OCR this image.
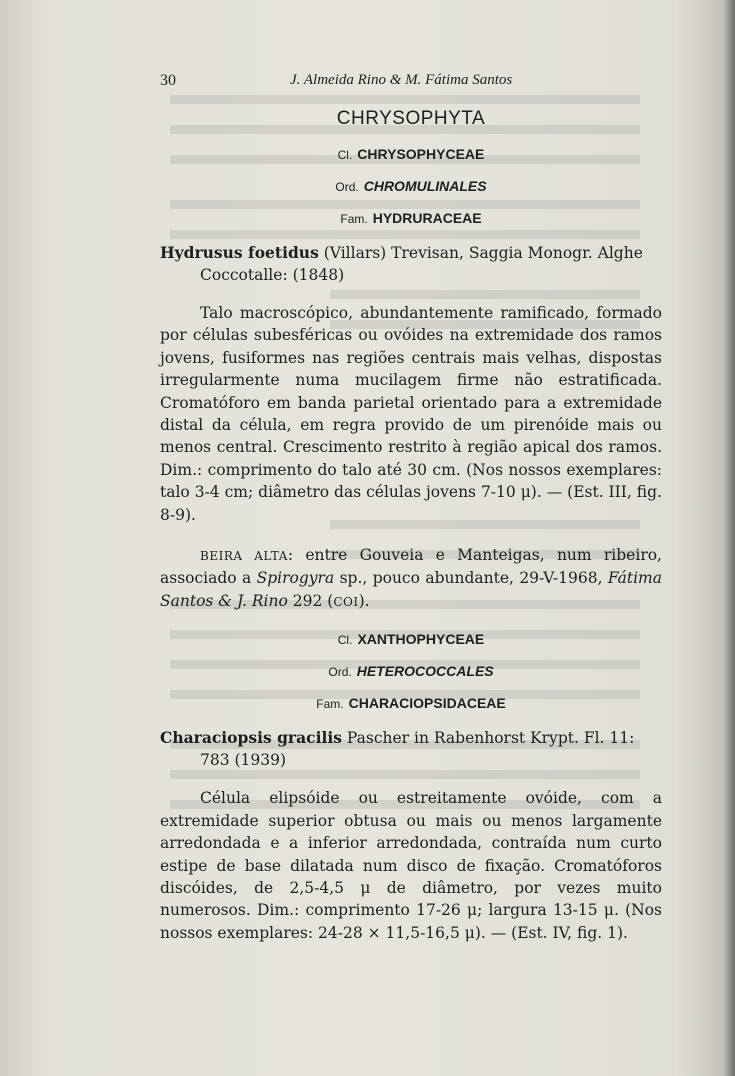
30	J. Almeida Rino & M. Fátima Santos
CHRYSOPHYTA
Cl. CHRYSOPHYCEAE
Ord. CHROMULINALES
Fam. HYDRURACEAE
Hydrusus foetidus (Villars) Trevisan, Saggia Monogr. Alghe
Coccotalle: (1848)

Talo macroscópico, abundantemente ramificado, formado por células subesféricas ou ovóides na extremidade dos ramos jovens, fusiformes nas regiões centrais mais velhas, dispostas irregularmente numa mucilagem firme não estratificada. Cromatóforo em banda parietal orientado para a extremidade distal da célula, em regra provido de um pirenóide mais ou menos central. Crescimento restrito à região apical dos ramos. Dim.: comprimento do talo até 30 cm. (Nos nossos exemplares: talo 3-4 cm; diâmetro das células jovens 7-10 μ). — (Est. III, fig. 8-9).

BEIRA ALTA: entre Gouveia e Manteigas, num ribeiro, associado a Spirogyra sp., pouco abundante, 29-V-1968, Fátima Santos & J. Rino 292 (COI).

Cl. XANTHOPHYCEAE
Ord. HETEROCOCCALES
Fam. CHARACIOPSIDACEAE
Characiopsis gracilis Pascher in Rabenhorst Krypt. Fl. 11:
783 (1939)

Célula elipsóide ou estreitamente ovóide, com a extremidade superior obtusa ou mais ou menos largamente arredondada e a inferior arredondada, contraída num curto estipe de base dilatada num disco de fixação. Cromatóforos discóides, de 2,5-4,5 μ de diâmetro, por vezes muito numerosos. Dim.: comprimento 17-26 μ; largura 13-15 μ. (Nos nossos exemplares: 24-28 × 11,5-16,5 μ). — (Est. IV, fig. 1).
